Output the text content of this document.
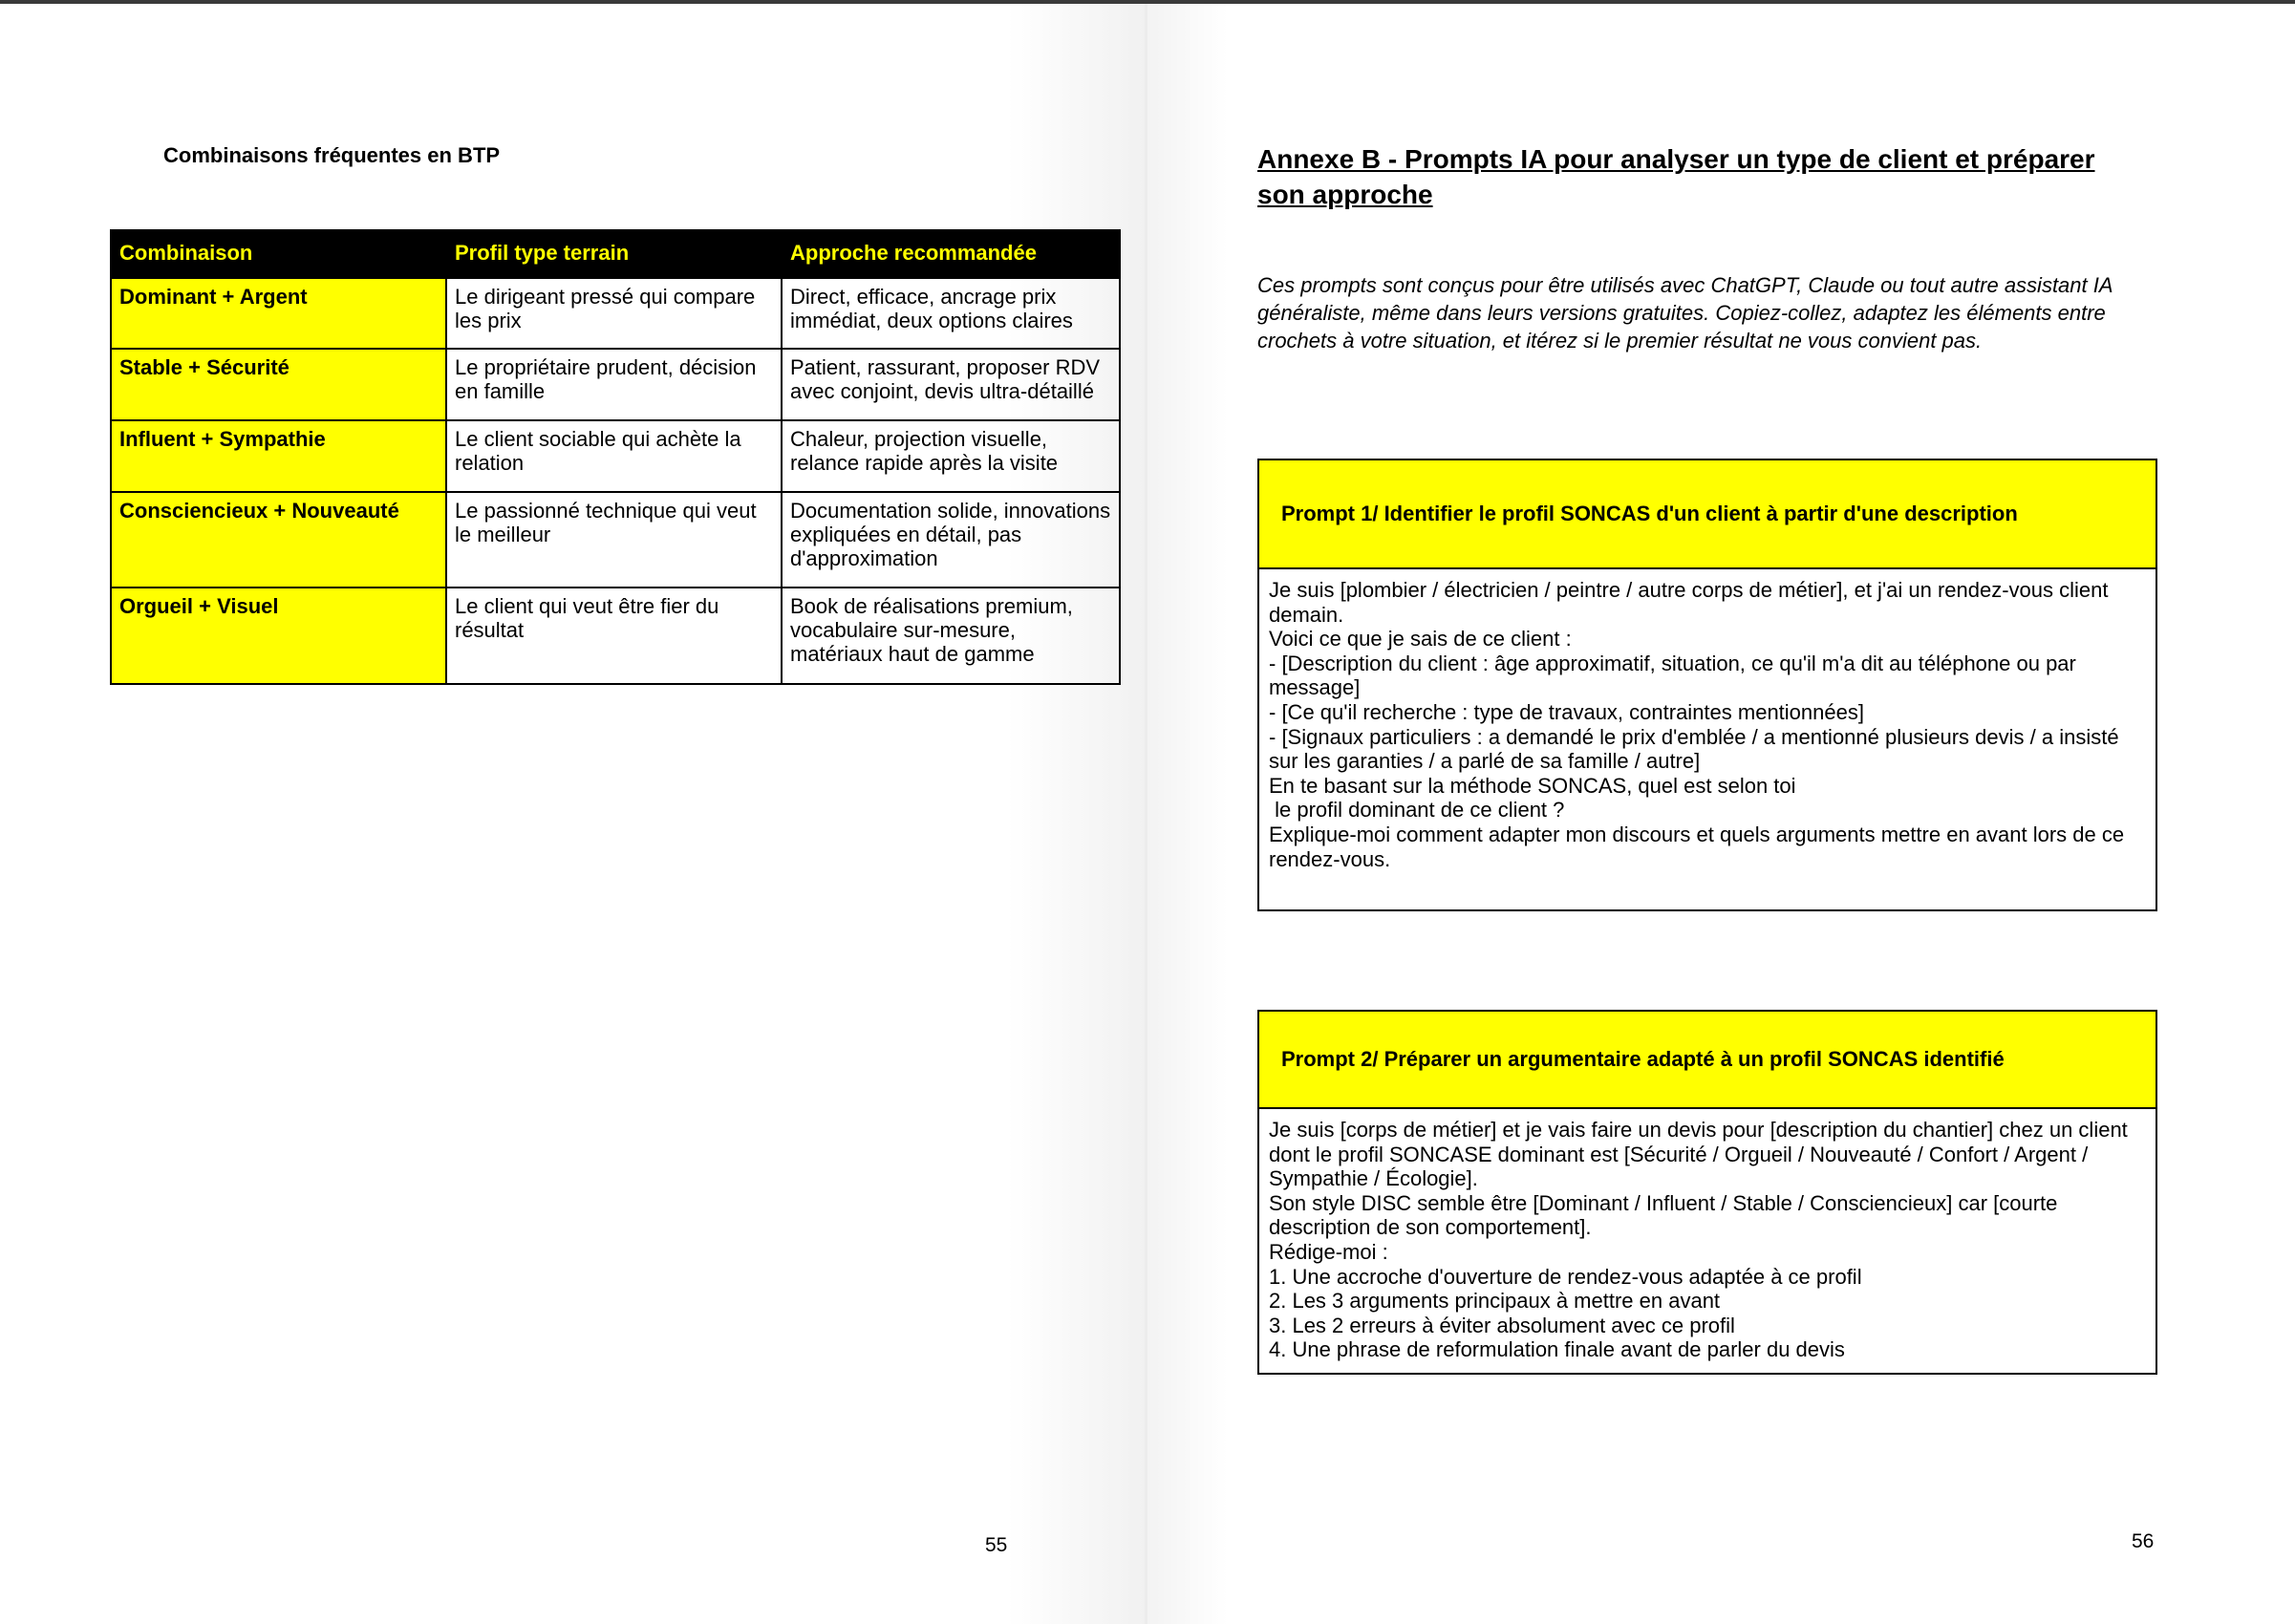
Combinaisons fréquentes en BTP
Combinaison	Profil type terrain	Approche recommandée
Dominant + Argent	Le dirigeant pressé qui compare les prix	Direct, efficace, ancrage prix immédiat, deux options claires
Stable + Sécurité	Le propriétaire prudent, décision en famille	Patient, rassurant, proposer RDV avec conjoint, devis ultra-détaillé
Influent + Sympathie	Le client sociable qui achète la relation	Chaleur, projection visuelle, relance rapide après la visite
Consciencieux + Nouveauté	Le passionné technique qui veut le meilleur	Documentation solide, innovations expliquées en détail, pas d'approximation
Orgueil + Visuel	Le client qui veut être fier du résultat	Book de réalisations premium, vocabulaire sur-mesure, matériaux haut de gamme
55
Annexe B - Prompts IA pour analyser un type de client et préparer son approche
Ces prompts sont conçus pour être utilisés avec ChatGPT, Claude ou tout autre assistant IA généraliste, même dans leurs versions gratuites. Copiez-collez, adaptez les éléments entre crochets à votre situation, et itérez si le premier résultat ne vous convient pas.
Prompt 1/ Identifier le profil SONCAS d'un client à partir d'une description
Je suis [plombier / électricien / peintre / autre corps de métier], et j'ai un rendez-vous client demain.
Voici ce que je sais de ce client :
- [Description du client : âge approximatif, situation, ce qu'il m'a dit au téléphone ou par message]
- [Ce qu'il recherche : type de travaux, contraintes mentionnées]
- [Signaux particuliers : a demandé le prix d'emblée / a mentionné plusieurs devis / a insisté sur les garanties / a parlé de sa famille / autre]
En te basant sur la méthode SONCAS, quel est selon toi
le profil dominant de ce client ?
Explique-moi comment adapter mon discours et quels arguments mettre en avant lors de ce rendez-vous.
Prompt 2/ Préparer un argumentaire adapté à un profil SONCAS identifié
Je suis [corps de métier] et je vais faire un devis pour [description du chantier] chez un client dont le profil SONCASE dominant est [Sécurité / Orgueil / Nouveauté / Confort / Argent / Sympathie / Écologie].
Son style DISC semble être [Dominant / Influent / Stable / Consciencieux] car [courte description de son comportement].
Rédige-moi :
1. Une accroche d'ouverture de rendez-vous adaptée à ce profil
2. Les 3 arguments principaux à mettre en avant
3. Les 2 erreurs à éviter absolument avec ce profil
4. Une phrase de reformulation finale avant de parler du devis
56
